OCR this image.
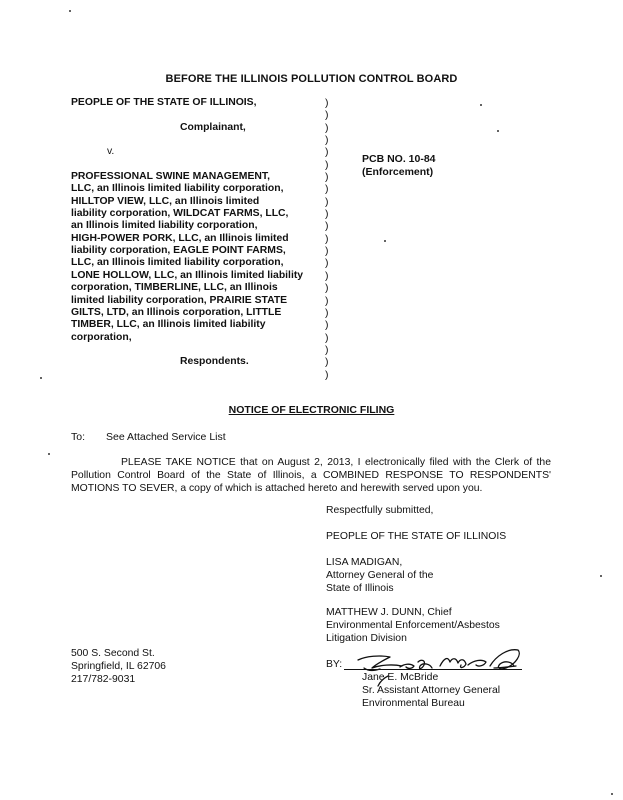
BEFORE THE ILLINOIS POLLUTION CONTROL BOARD
PEOPLE OF THE STATE OF ILLINOIS,
Complainant,
v.
PROFESSIONAL SWINE MANAGEMENT,
LLC, an Illinois limited liability corporation,
HILLTOP VIEW, LLC, an Illinois limited
liability corporation, WILDCAT FARMS, LLC,
an Illinois limited liability corporation,
HIGH-POWER PORK, LLC, an Illinois limited
liability corporation, EAGLE POINT FARMS,
LLC, an Illinois limited liability corporation,
LONE HOLLOW, LLC, an Illinois limited liability
corporation, TIMBERLINE, LLC, an Illinois
limited liability corporation, PRAIRIE STATE
GILTS, LTD, an Illinois corporation, LITTLE
TIMBER, LLC, an Illinois limited liability
corporation,
Respondents.
)
)
)
)
)
)
)
)
)
)
)
)
)
)
)
)
)
)
)
)
)
)
)
PCB NO. 10-84
(Enforcement)
NOTICE OF ELECTRONIC FILING
To: See Attached Service List
PLEASE TAKE NOTICE that on August 2, 2013, I electronically filed with the Clerk of the Pollution Control Board of the State of Illinois, a COMBINED RESPONSE TO RESPONDENTS' MOTIONS TO SEVER, a copy of which is attached hereto and herewith served upon you.
Respectfully submitted,
PEOPLE OF THE STATE OF ILLINOIS
LISA MADIGAN,
Attorney General of the
State of Illinois
MATTHEW J. DUNN, Chief
Environmental Enforcement/Asbestos
Litigation Division
BY:
Jane E. McBride
Sr. Assistant Attorney General
Environmental Bureau
500 S. Second St.
Springfield, IL 62706
217/782-9031
